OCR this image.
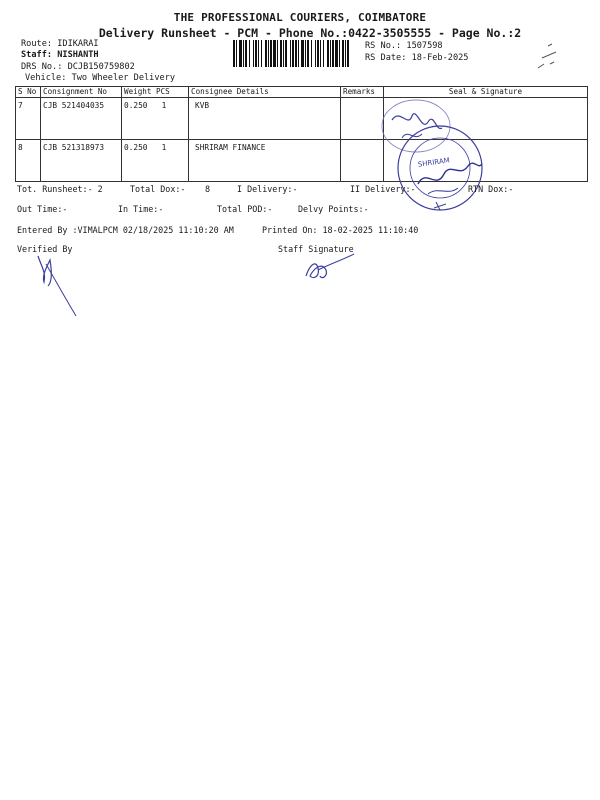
THE PROFESSIONAL COURIERS, COIMBATORE
Delivery Runsheet - PCM - Phone No.:0422-3505555 - Page No.:2
Route: IDIKARAI
Staff: NISHANTH
DRS No.: DCJB150759802
Vehicle: Two Wheeler Delivery
RS No.: 1507598
RS Date: 18-Feb-2025
S No	Consignment No	Weight PCS	Consignee Details	Remarks	Seal & Signature
7	CJB 521404035	0.250 1	KVB		
8	CJB 521318973	0.250 1	SHRIRAM FINANCE		
SHRIRAM
Tot. Runsheet:- 2	Total Dox:- 8	I Delivery:-	II Delivery:-	RTN Dox:-
Out Time:-	In Time:-	Total POD:-	Delvy Points:-
Entered By :VIMALPCM 02/18/2025 11:10:20 AM	Printed On: 18-02-2025 11:10:40
Verified By	Staff Signature
